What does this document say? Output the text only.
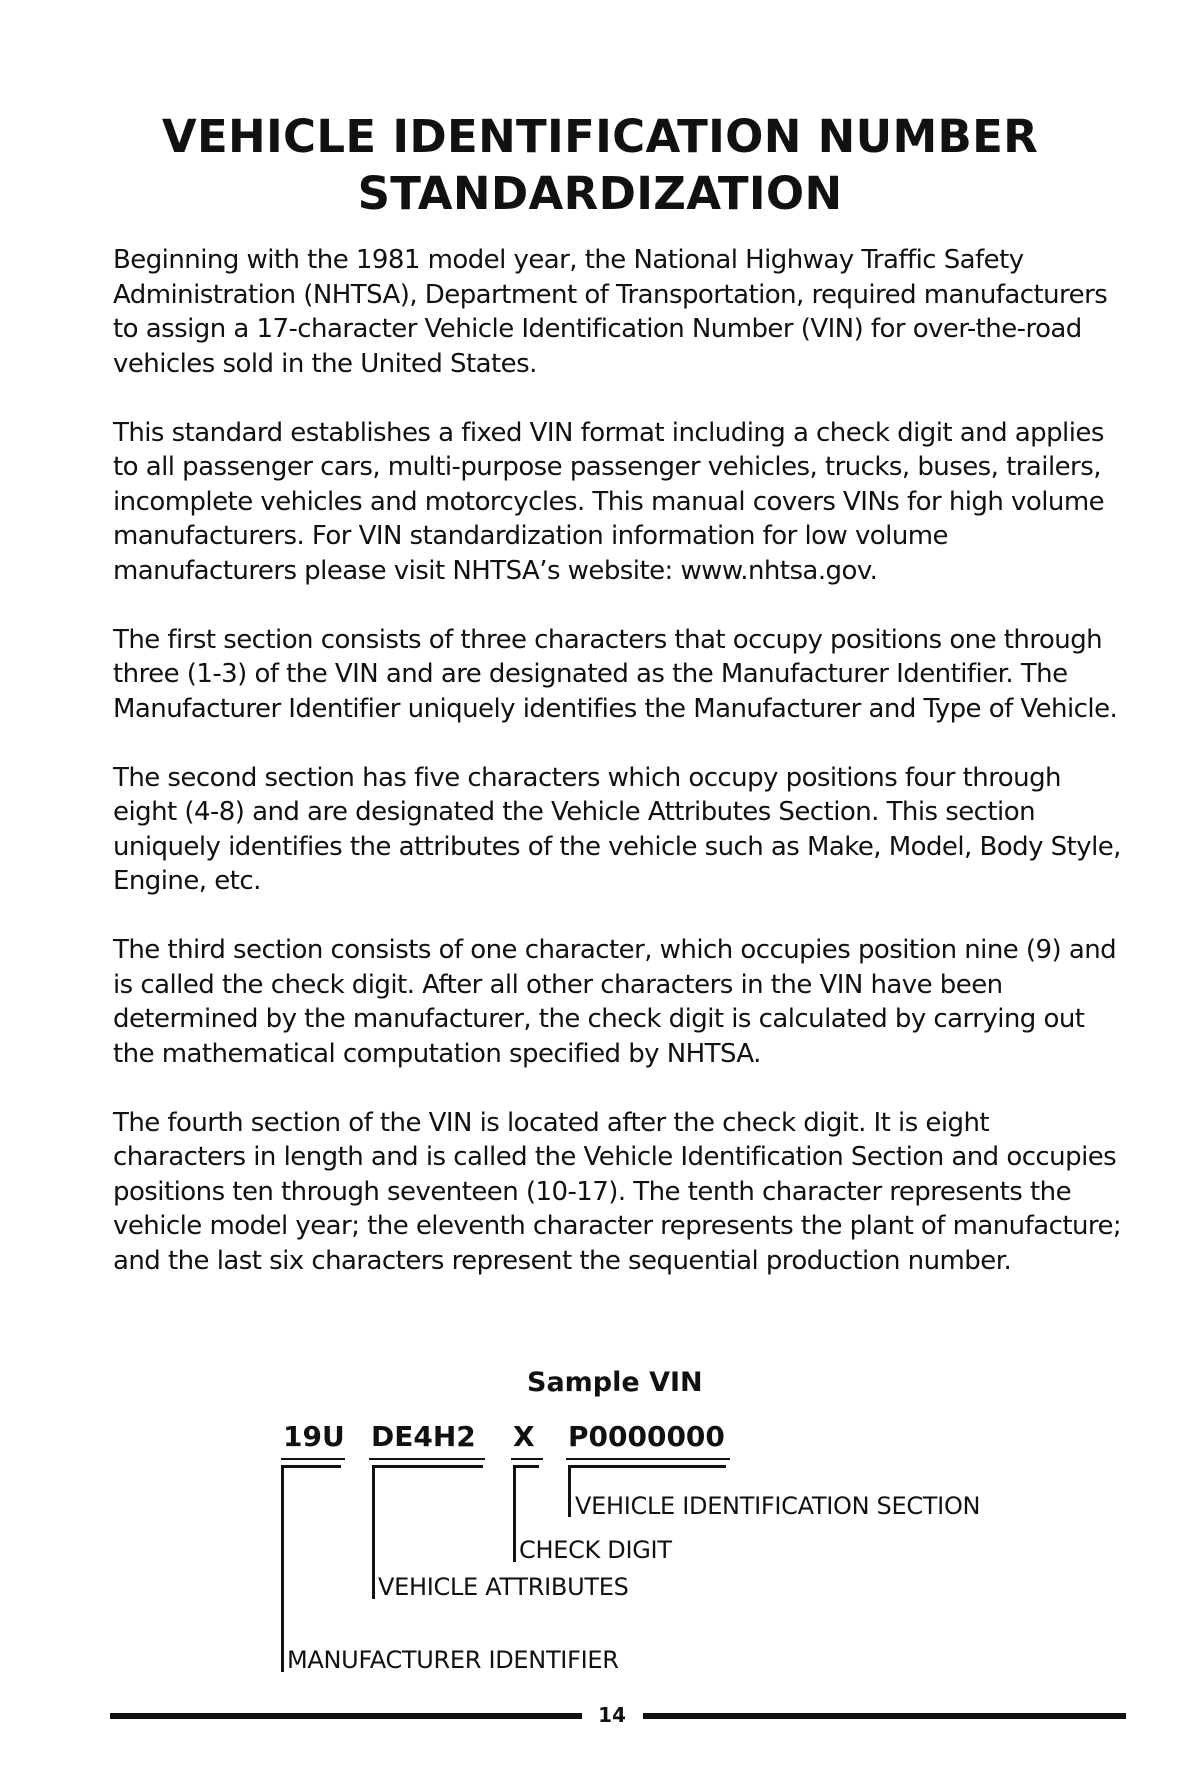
VEHICLE IDENTIFICATION NUMBER
STANDARDIZATION

Beginning with the 1981 model year, the National Highway Traffic Safety Administration (NHTSA), Department of Transportation, required manufacturers to assign a 17-character Vehicle Identification Number (VIN) for over-the-road vehicles sold in the United States.

This standard establishes a fixed VIN format including a check digit and applies to all passenger cars, multi-purpose passenger vehicles, trucks, buses, trailers, incomplete vehicles and motorcycles. This manual covers VINs for high volume manufacturers. For VIN standardization information for low volume manufacturers please visit NHTSA’s website: www.nhtsa.gov.

The first section consists of three characters that occupy positions one through three (1-3) of the VIN and are designated as the Manufacturer Identifier. The Manufacturer Identifier uniquely identifies the Manufacturer and Type of Vehicle.

The second section has five characters which occupy positions four through eight (4-8) and are designated the Vehicle Attributes Section. This section uniquely identifies the attributes of the vehicle such as Make, Model, Body Style, Engine, etc.

The third section consists of one character, which occupies position nine (9) and is called the check digit. After all other characters in the VIN have been determined by the manufacturer, the check digit is calculated by carrying out the mathematical computation specified by NHTSA.

The fourth section of the VIN is located after the check digit. It is eight characters in length and is called the Vehicle Identification Section and occupies positions ten through seventeen (10-17). The tenth character represents the vehicle model year; the eleventh character represents the plant of manufacture; and the last six characters represent the sequential production number.

Sample VIN
19U DE4H2 X P0000000
MANUFACTURER IDENTIFIER
VEHICLE ATTRIBUTES
CHECK DIGIT
VEHICLE IDENTIFICATION SECTION
14
